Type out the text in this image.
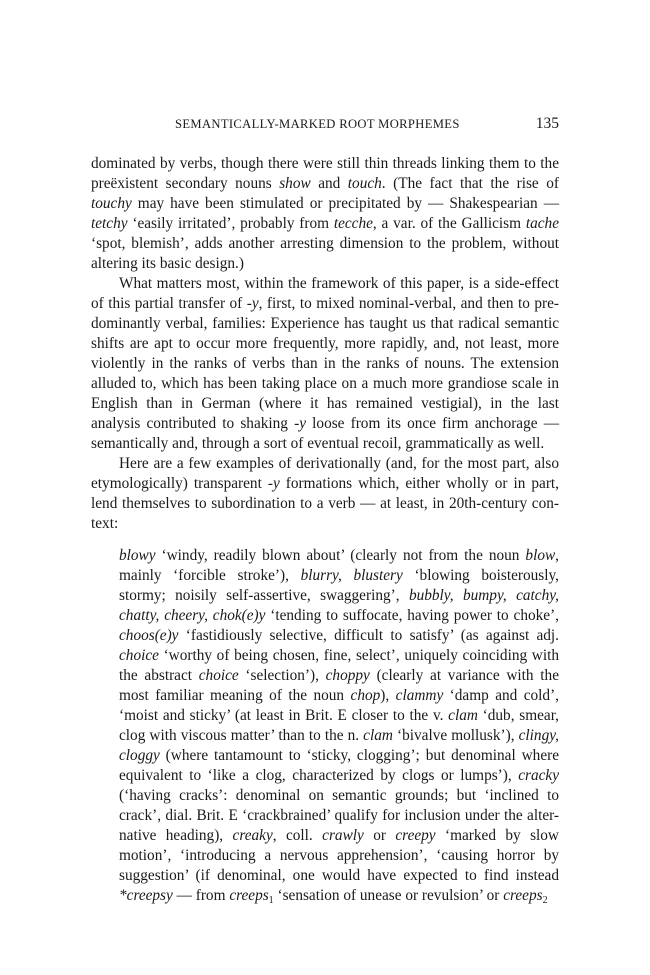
SEMANTICALLY-MARKED ROOT MORPHEMES	135

dominated by verbs, though there were still thin threads linking them to the preëxistent secondary nouns show and touch. (The fact that the rise of touchy may have been stimulated or precipitated by — Shakespearian — tetchy ‘easily irritated’, probably from tecche, a var. of the Gallicism tache ‘spot, blemish’, adds another arresting dimension to the problem, without altering its basic design.)

What matters most, within the framework of this paper, is a side-effect of this partial transfer of -y, first, to mixed nominal-verbal, and then to pre-dominantly verbal, families: Experience has taught us that radical semantic shifts are apt to occur more frequently, more rapidly, and, not least, more violently in the ranks of verbs than in the ranks of nouns. The extension alluded to, which has been taking place on a much more grandiose scale in English than in German (where it has remained vestigial), in the last analysis contributed to shaking -y loose from its once firm anchorage — semantically and, through a sort of eventual recoil, grammatically as well.

Here are a few examples of derivationally (and, for the most part, also etymologically) transparent -y formations which, either wholly or in part, lend themselves to subordination to a verb — at least, in 20th-century con-text:

blowy ‘windy, readily blown about’ (clearly not from the noun blow, mainly ‘forcible stroke’), blurry, blustery ‘blowing boisterously, stormy; noisily self-assertive, swaggering’, bubbly, bumpy, catchy, chatty, cheery, chok(e)y ‘tending to suffocate, having power to choke’, choos(e)y ‘fastidiously selective, difficult to satisfy’ (as against adj. choice ‘worthy of being chosen, fine, select’, uniquely coinciding with the abstract choice ‘selection’), choppy (clearly at variance with the most familiar meaning of the noun chop), clammy ‘damp and cold’, ‘moist and sticky’ (at least in Brit. E closer to the v. clam ‘dub, smear, clog with viscous matter’ than to the n. clam ‘bivalve mollusk’), clingy, cloggy (where tantamount to ‘sticky, clogging’; but denominal where equivalent to ‘like a clog, characterized by clogs or lumps’), cracky (‘having cracks’: denominal on semantic grounds; but ‘inclined to crack’, dial. Brit. E ‘crackbrained’ qualify for inclusion under the alter-native heading), creaky, coll. crawly or creepy ‘marked by slow motion’, ‘introducing a nervous apprehension’, ‘causing horror by suggestion’ (if denominal, one would have expected to find instead *creepsy — from creeps$_1$ ‘sensation of unease or revulsion’ or creeps$_2$
